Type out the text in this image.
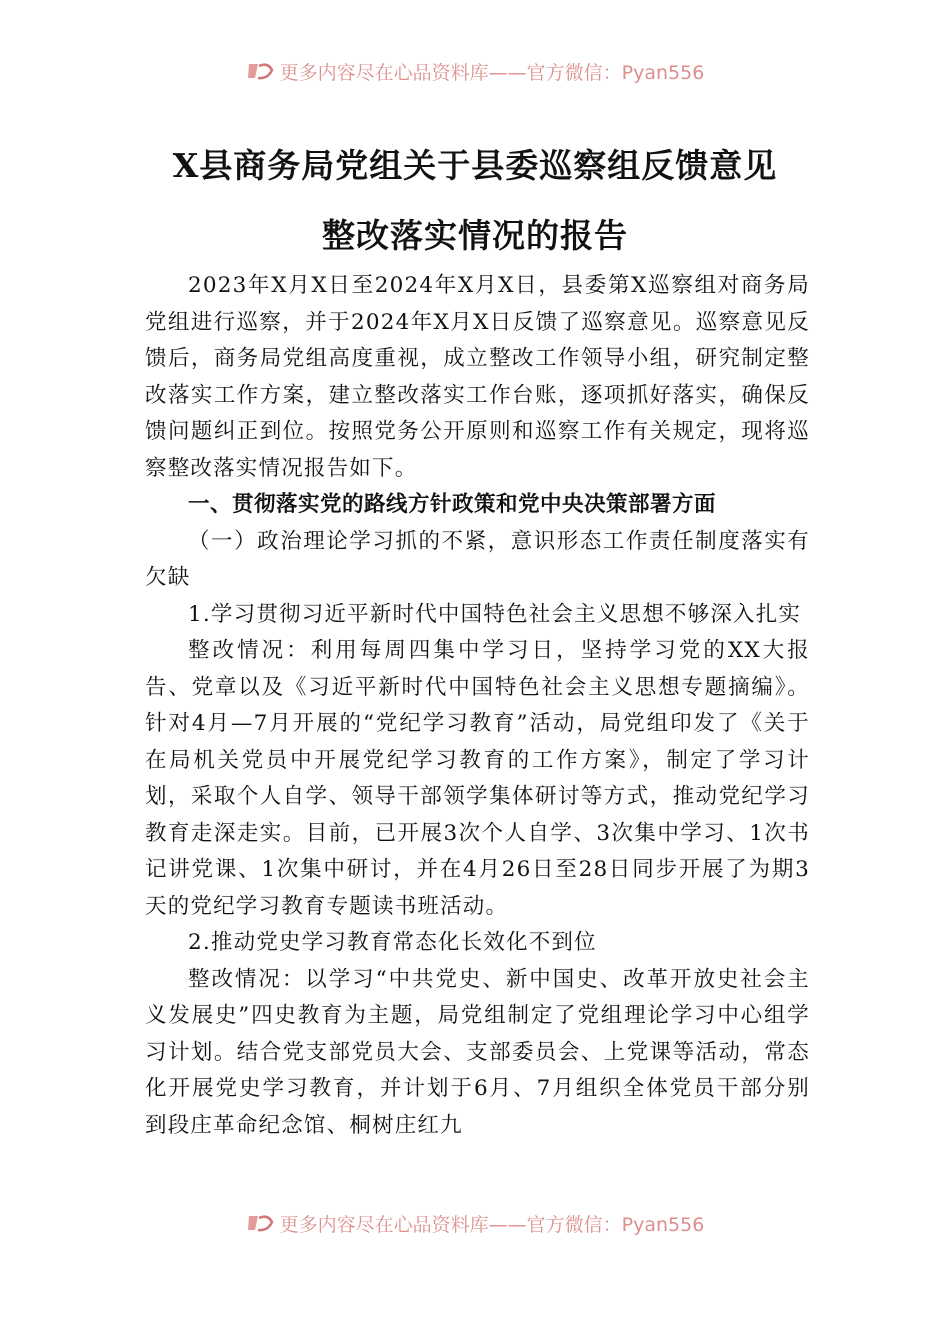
更多内容尽在心品资料库——官方微信：Pyan556
X县商务局党组关于县委巡察组反馈意见
整改落实情况的报告

2023年X月X日至2024年X月X日，县委第X巡察组对商务局党组进行巡察，并于2024年X月X日反馈了巡察意见。巡察意见反馈后，商务局党组高度重视，成立整改工作领导小组，研究制定整改落实工作方案，建立整改落实工作台账，逐项抓好落实，确保反馈问题纠正到位。按照党务公开原则和巡察工作有关规定，现将巡察整改落实情况报告如下。

一、贯彻落实党的路线方针政策和党中央决策部署方面

（一）政治理论学习抓的不紧，意识形态工作责任制度落实有欠缺

1.学习贯彻习近平新时代中国特色社会主义思想不够深入扎实

整改情况：利用每周四集中学习日，坚持学习党的XX大报告、党章以及《习近平新时代中国特色社会主义思想专题摘编》。针对4月—7月开展的“党纪学习教育”活动，局党组印发了《关于在局机关党员中开展党纪学习教育的工作方案》，制定了学习计划，采取个人自学、领导干部领学集体研讨等方式，推动党纪学习教育走深走实。目前，已开展3次个人自学、3次集中学习、1次书记讲党课、1次集中研讨，并在4月26日至28日同步开展了为期3天的党纪学习教育专题读书班活动。

2.推动党史学习教育常态化长效化不到位

整改情况：以学习“中共党史、新中国史、改革开放史社会主义发展史”四史教育为主题，局党组制定了党组理论学习中心组学习计划。结合党支部党员大会、支部委员会、上党课等活动，常态化开展党史学习教育，并计划于6月、7月组织全体党员干部分别到段庄革命纪念馆、桐树庄红九

更多内容尽在心品资料库——官方微信：Pyan556
